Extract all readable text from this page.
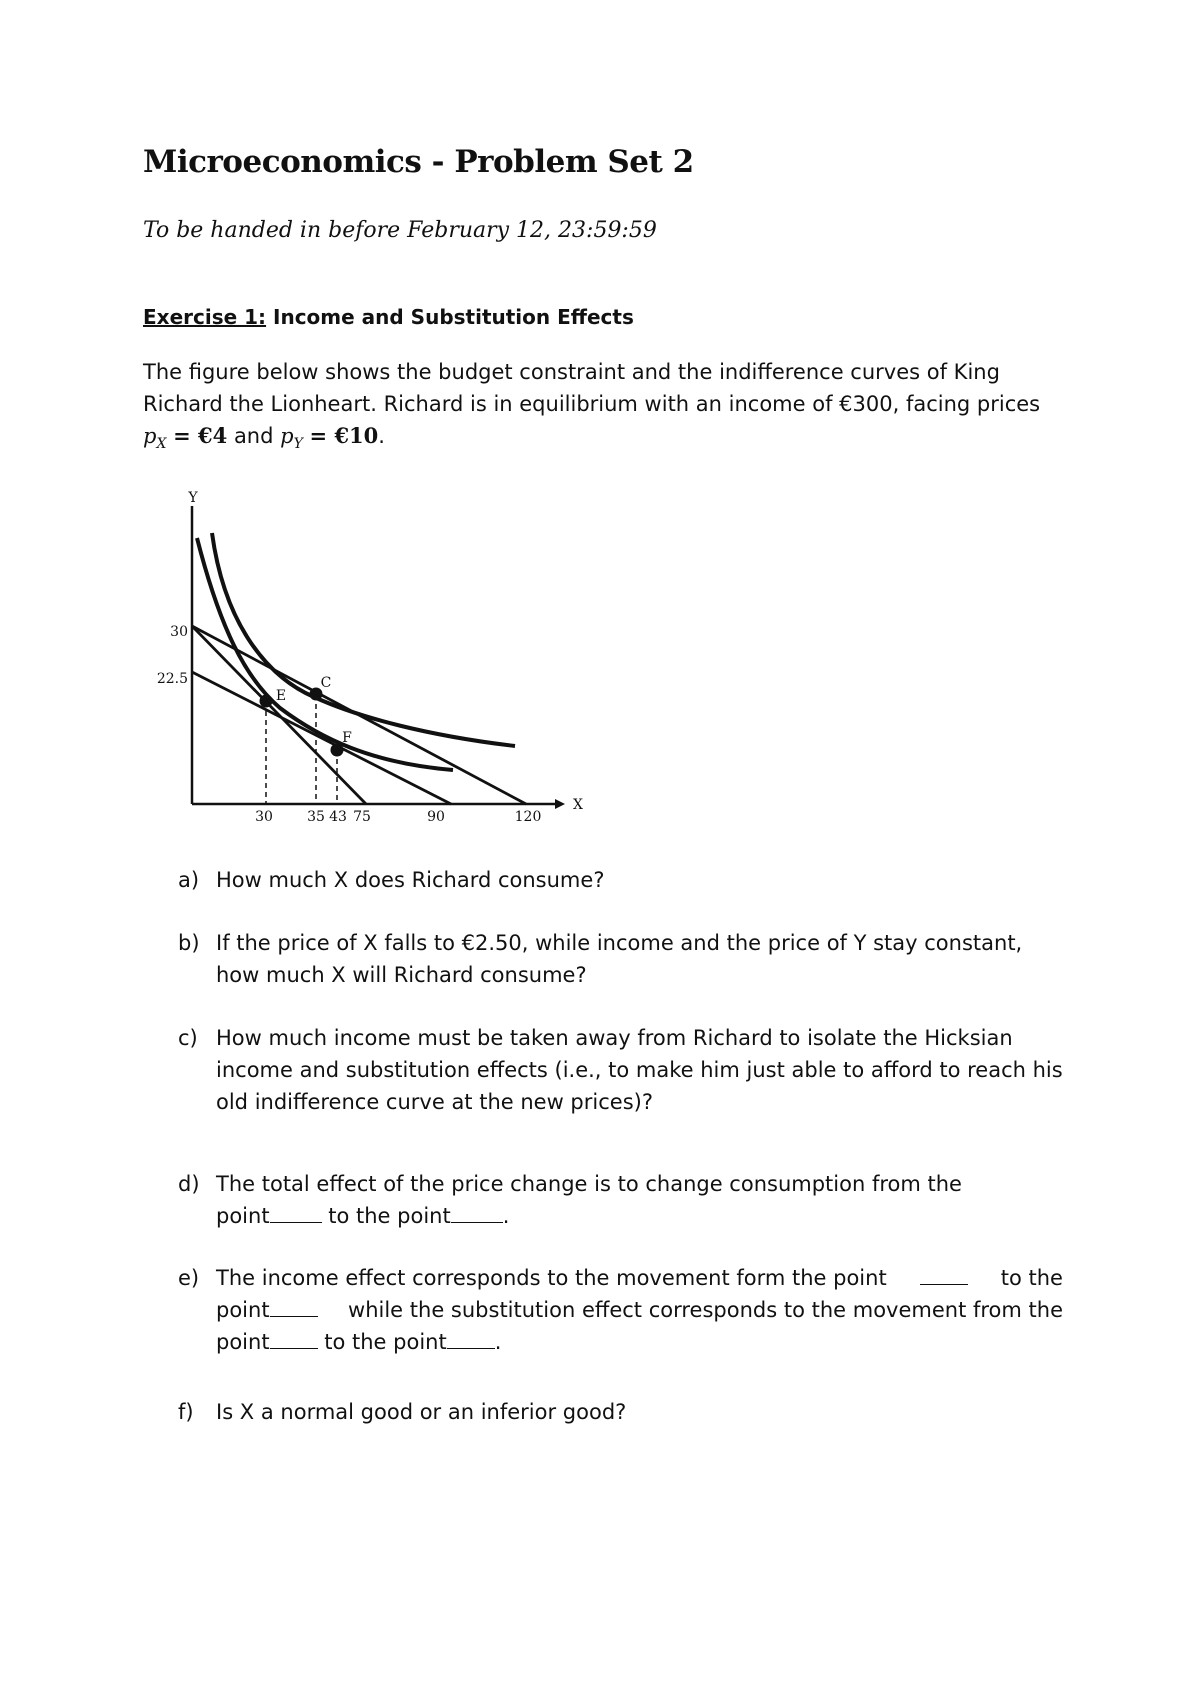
Microeconomics - Problem Set 2
To be handed in before February 12, 23:59:59
Exercise 1: Income and Substitution Effects
The figure below shows the budget constraint and the indifference curves of King
Richard the Lionheart. Richard is in equilibrium with an income of €300, facing prices
$p_X$ = €4 and $p_Y$ = €10.
Y
X
30
22.5
30 35 43 75	90	120
E
C
F
a) How much X does Richard consume?
b) If the price of X falls to €2.50, while income and the price of Y stay constant,
how much X will Richard consume?
c) How much income must be taken away from Richard to isolate the Hicksian
income and substitution effects (i.e., to make him just able to afford to reach his
old indifference curve at the new prices)?
d) The total effect of the price change is to change consumption from the
point	to the point .
e) The income effect corresponds to the movement form the point	to the
point	while the substitution effect corresponds to the movement from the
point	to the point .
f) Is X a normal good or an inferior good?
